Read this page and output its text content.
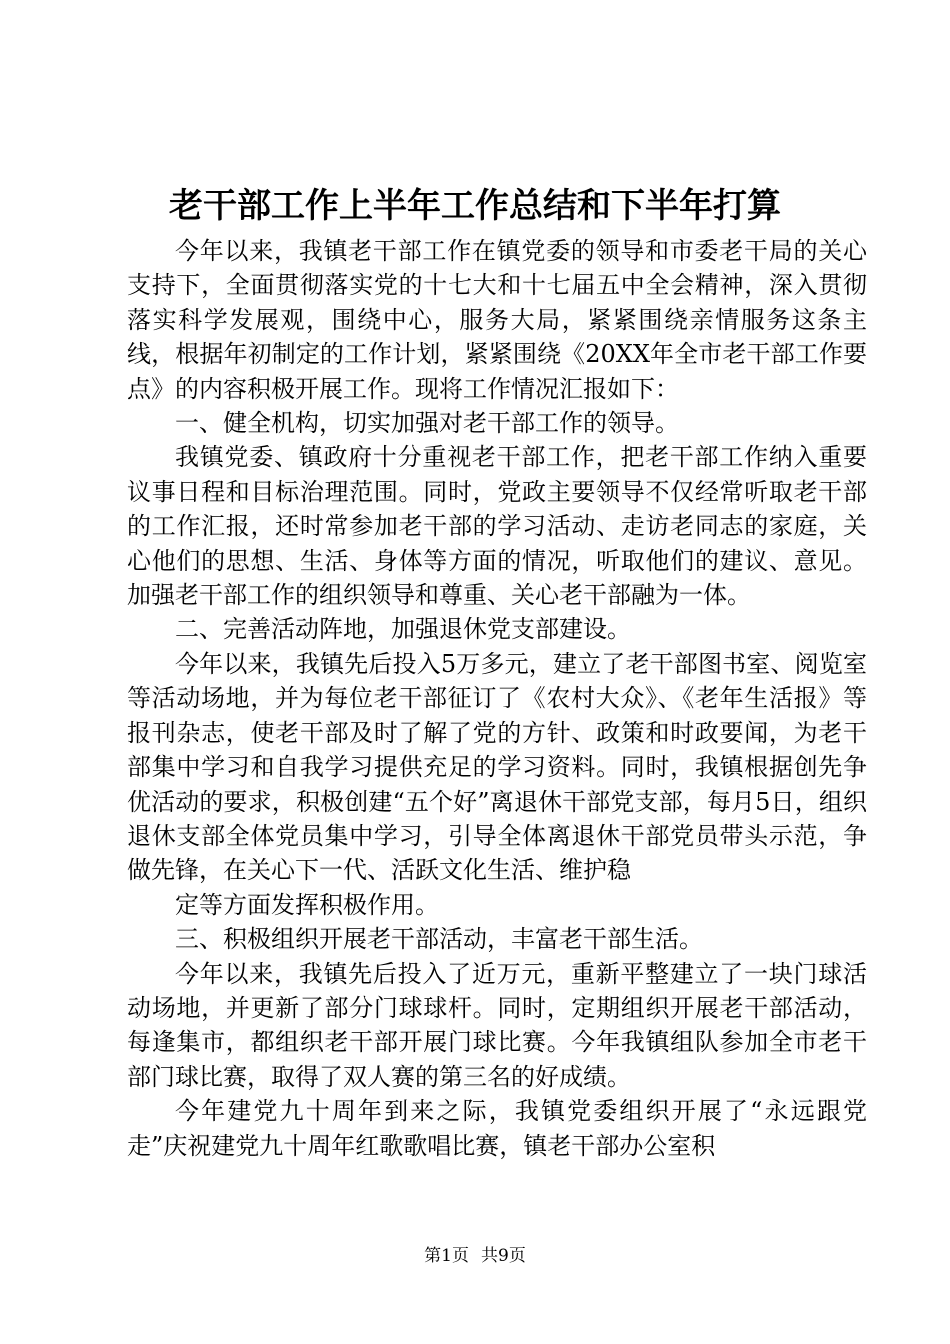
老干部工作上半年工作总结和下半年打算

今年以来，我镇老干部工作在镇党委的领导和市委老干局的关心支持下，全面贯彻落实党的十七大和十七届五中全会精神，深入贯彻落实科学发展观，围绕中心，服务大局，紧紧围绕亲情服务这条主线，根据年初制定的工作计划，紧紧围绕《20XX年全市老干部工作要点》的内容积极开展工作。现将工作情况汇报如下：

一、健全机构，切实加强对老干部工作的领导。

我镇党委、镇政府十分重视老干部工作，把老干部工作纳入重要议事日程和目标治理范围。同时，党政主要领导不仅经常听取老干部的工作汇报，还时常参加老干部的学习活动、走访老同志的家庭，关心他们的思想、生活、身体等方面的情况，听取他们的建议、意见。加强老干部工作的组织领导和尊重、关心老干部融为一体。

二、完善活动阵地，加强退休党支部建设。

今年以来，我镇先后投入5万多元，建立了老干部图书室、阅览室等活动场地，并为每位老干部征订了《农村大众》、《老年生活报》等报刊杂志，使老干部及时了解了党的方针、政策和时政要闻，为老干部集中学习和自我学习提供充足的学习资料。同时，我镇根据创先争优活动的要求，积极创建“五个好”离退休干部党支部，每月5日，组织退休支部全体党员集中学习，引导全体离退休干部党员带头示范，争做先锋，在关心下一代、活跃文化生活、维护稳

定等方面发挥积极作用。

三、积极组织开展老干部活动，丰富老干部生活。

今年以来，我镇先后投入了近万元，重新平整建立了一块门球活动场地，并更新了部分门球球杆。同时，定期组织开展老干部活动，每逢集市，都组织老干部开展门球比赛。今年我镇组队参加全市老干部门球比赛，取得了双人赛的第三名的好成绩。

今年建党九十周年到来之际，我镇党委组织开展了“永远跟党走”庆祝建党九十周年红歌歌唱比赛，镇老干部办公室积

第1页 共9页
